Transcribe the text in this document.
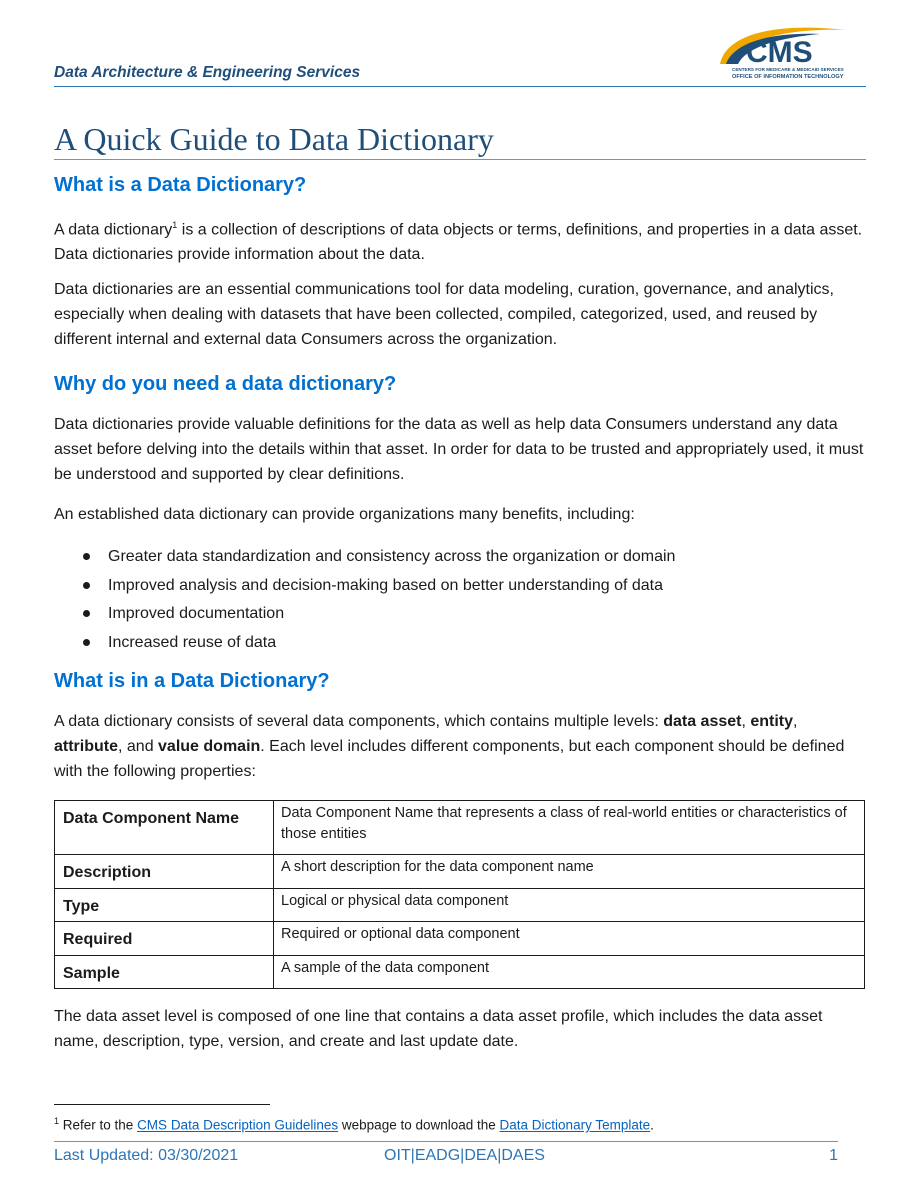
Data Architecture & Engineering Services
CMS
CENTERS FOR MEDICARE & MEDICAID SERVICES
OFFICE OF INFORMATION TECHNOLOGY
A Quick Guide to Data Dictionary
What is a Data Dictionary?

A data dictionary$^1$ is a collection of descriptions of data objects or terms, definitions, and properties in a data asset. Data dictionaries provide information about the data.

Data dictionaries are an essential communications tool for data modeling, curation, governance, and analytics, especially when dealing with datasets that have been collected, compiled, categorized, used, and reused by different internal and external data Consumers across the organization.

Why do you need a data dictionary?

Data dictionaries provide valuable definitions for the data as well as help data Consumers understand any data asset before delving into the details within that asset. In order for data to be trusted and appropriately used, it must be understood and supported by clear definitions.

An established data dictionary can provide organizations many benefits, including:

Greater data standardization and consistency across the organization or domain
Improved analysis and decision-making based on better understanding of data
Improved documentation
Increased reuse of data
What is in a Data Dictionary?

A data dictionary consists of several data components, which contains multiple levels: data asset, entity, attribute, and value domain. Each level includes different components, but each component should be defined with the following properties:

Data Component Name	Data Component Name that represents a class of real-world entities or characteristics of those entities
Description	A short description for the data component name
Type	Logical or physical data component
Required	Required or optional data component
Sample	A sample of the data component

The data asset level is composed of one line that contains a data asset profile, which includes the data asset name, description, type, version, and create and last update date.

$^1$ Refer to the CMS Data Description Guidelines webpage to download the Data Dictionary Template.
Last Updated: 03/30/2021	OIT|EADG|DEA|DAES	1
